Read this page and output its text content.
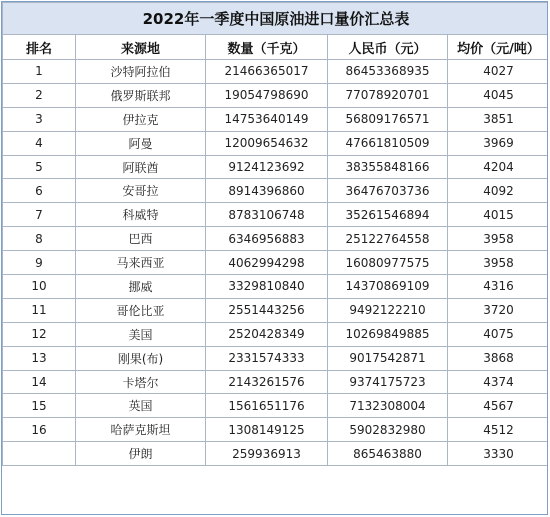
2022年一季度中国原油进口量价汇总表				
排名	来源地	数量（千克）	人民币（元）	均价（元/吨）
1	沙特阿拉伯	21466365017	86453368935	4027
2	俄罗斯联邦	19054798690	77078920701	4045
3	伊拉克	14753640149	56809176571	3851
4	阿曼	12009654632	47661810509	3969
5	阿联酋	9124123692	38355848166	4204
6	安哥拉	8914396860	36476703736	4092
7	科威特	8783106748	35261546894	4015
8	巴西	6346956883	25122764558	3958
9	马来西亚	4062994298	16080977575	3958
10	挪威	3329810840	14370869109	4316
11	哥伦比亚	2551443256	9492122210	3720
12	美国	2520428349	10269849885	4075
13	刚果(布)	2331574333	9017542871	3868
14	卡塔尔	2143261576	9374175723	4374
15	英国	1561651176	7132308004	4567
16	哈萨克斯坦	1308149125	5902832980	4512
	伊朗	259936913	865463880	3330
